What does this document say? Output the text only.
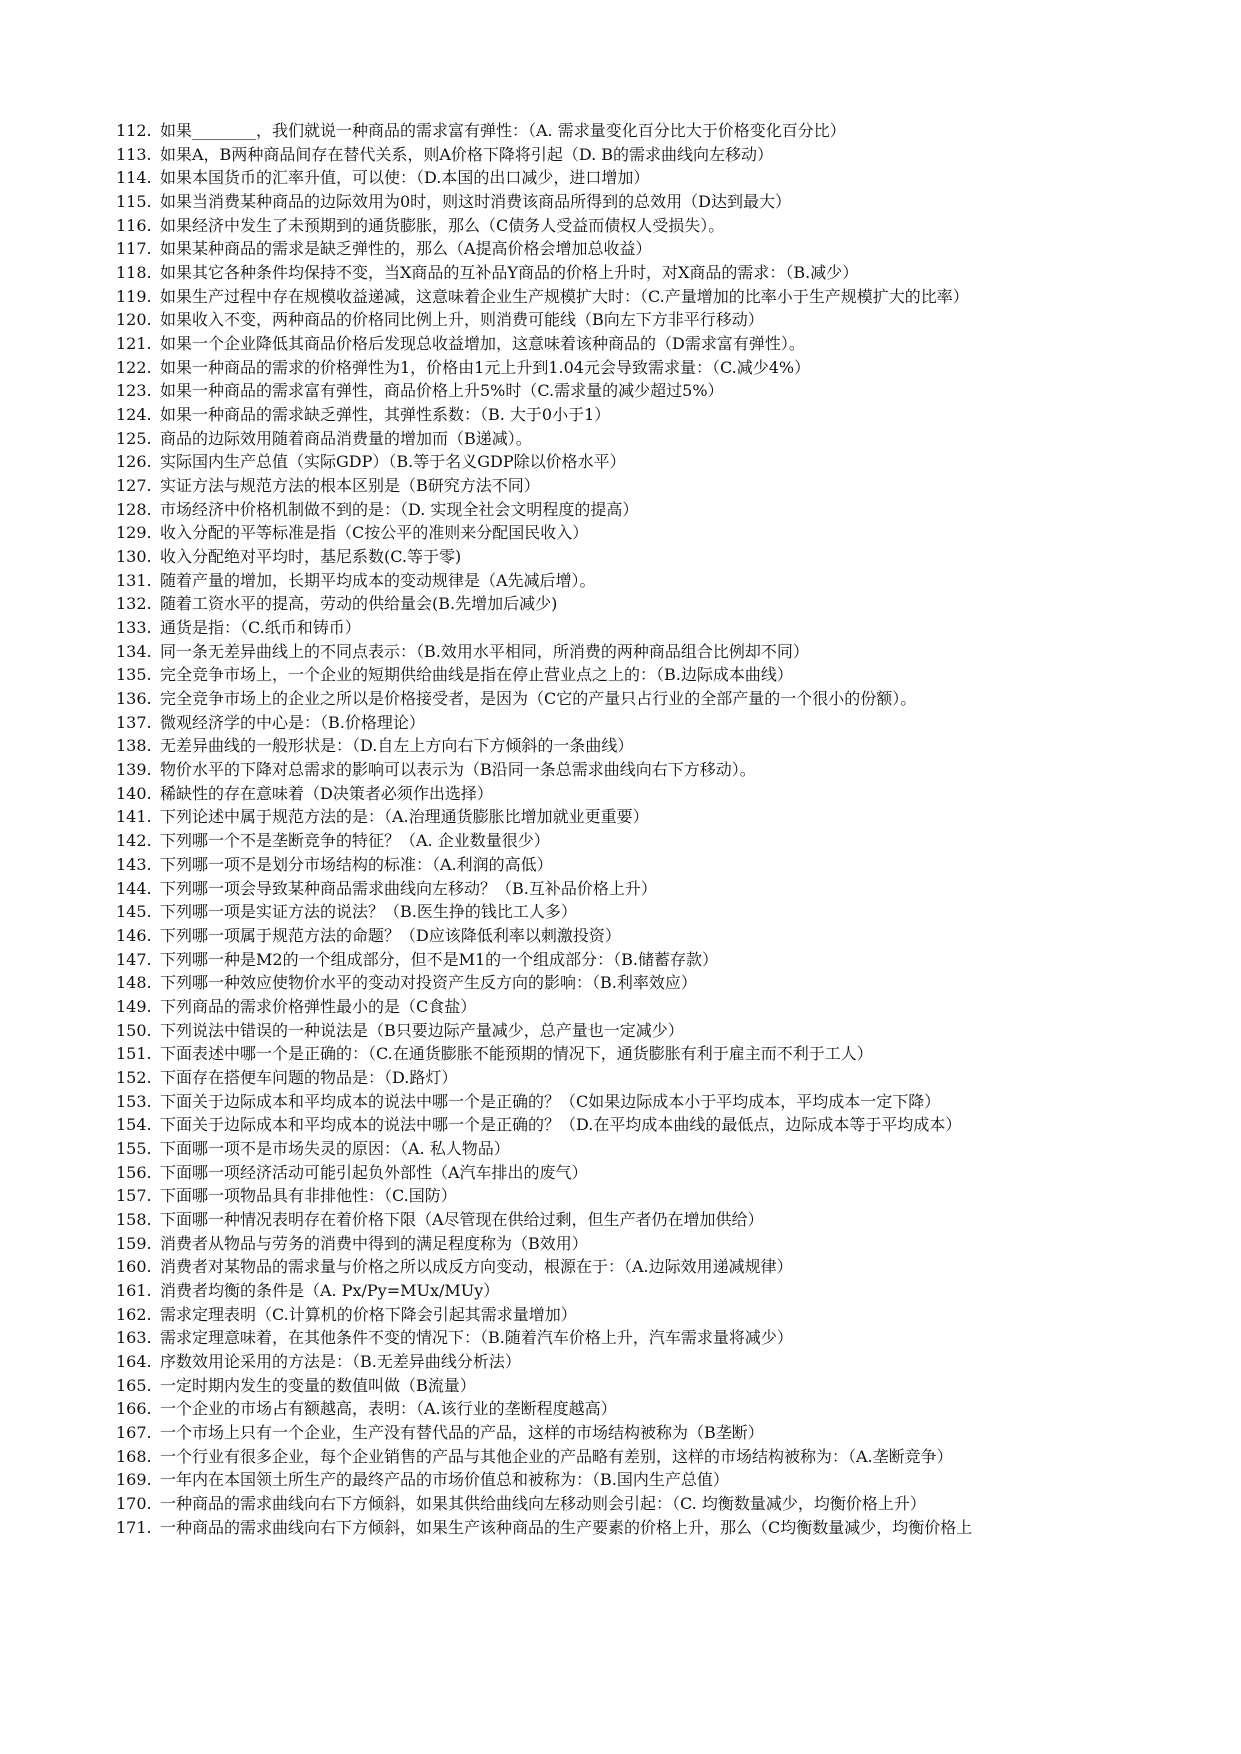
112. 如果________，我们就说一种商品的需求富有弹性：（A. 需求量变化百分比大于价格变化百分比）
113. 如果A，B两种商品间存在替代关系，则A价格下降将引起（D. B的需求曲线向左移动）
114. 如果本国货币的汇率升值，可以使：（D.本国的出口减少，进口增加）
115. 如果当消费某种商品的边际效用为0时，则这时消费该商品所得到的总效用（D达到最大）
116. 如果经济中发生了未预期到的通货膨胀，那么（C债务人受益而债权人受损失）。
117. 如果某种商品的需求是缺乏弹性的，那么（A提高价格会增加总收益）
118. 如果其它各种条件均保持不变，当X商品的互补品Y商品的价格上升时，对X商品的需求：（B.减少）
119. 如果生产过程中存在规模收益递减，这意味着企业生产规模扩大时：（C.产量增加的比率小于生产规模扩大的比率）
120. 如果收入不变，两种商品的价格同比例上升，则消费可能线（B向左下方非平行移动）
121. 如果一个企业降低其商品价格后发现总收益增加，这意味着该种商品的（D需求富有弹性）。
122. 如果一种商品的需求的价格弹性为1，价格由1元上升到1.04元会导致需求量：（C.减少4%）
123. 如果一种商品的需求富有弹性，商品价格上升5%时（C.需求量的减少超过5%）
124. 如果一种商品的需求缺乏弹性，其弹性系数：（B. 大于0小于1）
125. 商品的边际效用随着商品消费量的增加而（B递减）。
126. 实际国内生产总值（实际GDP）（B.等于名义GDP除以价格水平）
127. 实证方法与规范方法的根本区别是（B研究方法不同）
128. 市场经济中价格机制做不到的是：（D. 实现全社会文明程度的提高）
129. 收入分配的平等标准是指（C按公平的准则来分配国民收入）
130. 收入分配绝对平均时，基尼系数(C.等于零)
131. 随着产量的增加，长期平均成本的变动规律是（A先减后增）。
132. 随着工资水平的提高，劳动的供给量会(B.先增加后减少)
133. 通货是指：（C.纸币和铸币）
134. 同一条无差异曲线上的不同点表示：（B.效用水平相同，所消费的两种商品组合比例却不同）
135. 完全竞争市场上，一个企业的短期供给曲线是指在停止营业点之上的：（B.边际成本曲线）
136. 完全竞争市场上的企业之所以是价格接受者，是因为（C它的产量只占行业的全部产量的一个很小的份额）。
137. 微观经济学的中心是：（B.价格理论）
138. 无差异曲线的一般形状是：（D.自左上方向右下方倾斜的一条曲线）
139. 物价水平的下降对总需求的影响可以表示为（B沿同一条总需求曲线向右下方移动）。
140. 稀缺性的存在意味着（D决策者必须作出选择）
141. 下列论述中属于规范方法的是：（A.治理通货膨胀比增加就业更重要）
142. 下列哪一个不是垄断竞争的特征？（A. 企业数量很少）
143. 下列哪一项不是划分市场结构的标准：（A.利润的高低）
144. 下列哪一项会导致某种商品需求曲线向左移动？（B.互补品价格上升）
145. 下列哪一项是实证方法的说法？（B.医生挣的钱比工人多）
146. 下列哪一项属于规范方法的命题？（D应该降低利率以刺激投资）
147. 下列哪一种是M2的一个组成部分，但不是M1的一个组成部分：（B.储蓄存款）
148. 下列哪一种效应使物价水平的变动对投资产生反方向的影响：（B.利率效应）
149. 下列商品的需求价格弹性最小的是（C食盐）
150. 下列说法中错误的一种说法是（B只要边际产量减少，总产量也一定减少）
151. 下面表述中哪一个是正确的：（C.在通货膨胀不能预期的情况下，通货膨胀有利于雇主而不利于工人）
152. 下面存在搭便车问题的物品是：（D.路灯）
153. 下面关于边际成本和平均成本的说法中哪一个是正确的？（C如果边际成本小于平均成本，平均成本一定下降）
154. 下面关于边际成本和平均成本的说法中哪一个是正确的？（D.在平均成本曲线的最低点，边际成本等于平均成本）
155. 下面哪一项不是市场失灵的原因：（A. 私人物品）
156. 下面哪一项经济活动可能引起负外部性（A汽车排出的废气）
157. 下面哪一项物品具有非排他性：（C.国防）
158. 下面哪一种情况表明存在着价格下限（A尽管现在供给过剩，但生产者仍在增加供给）
159. 消费者从物品与劳务的消费中得到的满足程度称为（B效用）
160. 消费者对某物品的需求量与价格之所以成反方向变动，根源在于：（A.边际效用递减规律）
161. 消费者均衡的条件是（A. Px/Py=MUx/MUy）
162. 需求定理表明（C.计算机的价格下降会引起其需求量增加）
163. 需求定理意味着，在其他条件不变的情况下：（B.随着汽车价格上升，汽车需求量将减少）
164. 序数效用论采用的方法是：（B.无差异曲线分析法）
165. 一定时期内发生的变量的数值叫做（B流量）
166. 一个企业的市场占有额越高，表明：（A.该行业的垄断程度越高）
167. 一个市场上只有一个企业，生产没有替代品的产品，这样的市场结构被称为（B垄断）
168. 一个行业有很多企业，每个企业销售的产品与其他企业的产品略有差别，这样的市场结构被称为：（A.垄断竞争）
169. 一年内在本国领土所生产的最终产品的市场价值总和被称为：（B.国内生产总值）
170. 一种商品的需求曲线向右下方倾斜，如果其供给曲线向左移动则会引起：（C. 均衡数量减少，均衡价格上升）
171. 一种商品的需求曲线向右下方倾斜，如果生产该种商品的生产要素的价格上升，那么（C均衡数量减少，均衡价格上
